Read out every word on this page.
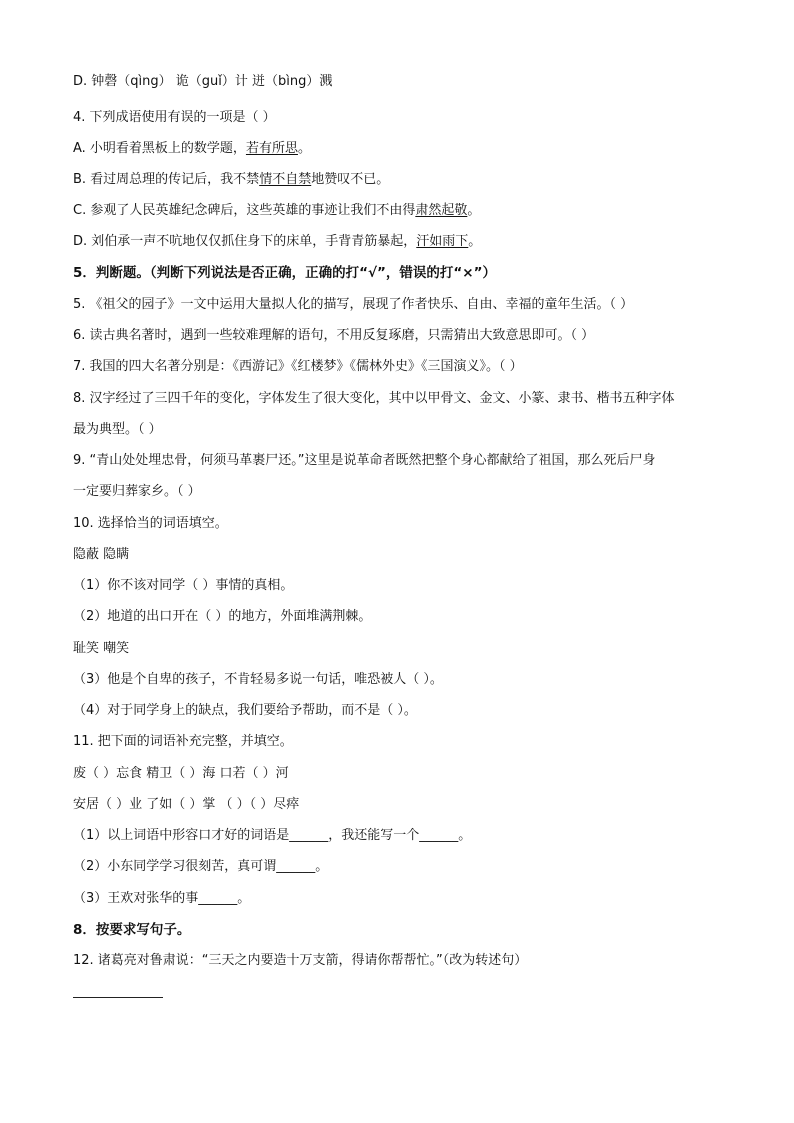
D. 钟磬（qìng） 诡（guǐ）计 迸（bìng）溅
4. 下列成语使用有误的一项是（ ）
A. 小明看着黑板上的数学题，若有所思。
B. 看过周总理的传记后，我不禁情不自禁地赞叹不已。
C. 参观了人民英雄纪念碑后，这些英雄的事迹让我们不由得肃然起敬。
D. 刘伯承一声不吭地仅仅抓住身下的床单，手背青筋暴起，汗如雨下。
5．判断题。（判断下列说法是否正确，正确的打“√”，错误的打“×”）
5. 《祖父的园子》一文中运用大量拟人化的描写，展现了作者快乐、自由、幸福的童年生活。（ ）
6. 读古典名著时，遇到一些较难理解的语句，不用反复琢磨，只需猜出大致意思即可。（ ）
7. 我国的四大名著分别是：《西游记》《红楼梦》《儒林外史》《三国演义》。（ ）
8. 汉字经过了三四千年的变化，字体发生了很大变化，其中以甲骨文、金文、小篆、隶书、楷书五种字体
最为典型。（ ）
9. “青山处处埋忠骨，何须马革裹尸还。”这里是说革命者既然把整个身心都献给了祖国，那么死后尸身
一定要归葬家乡。（ ）
10. 选择恰当的词语填空。
隐蔽 隐瞒
（1）你不该对同学（ ）事情的真相。
（2）地道的出口开在（ ）的地方，外面堆满荆棘。
耻笑 嘲笑
（3）他是个自卑的孩子，不肯轻易多说一句话，唯恐被人（ ）。
（4）对于同学身上的缺点，我们要给予帮助，而不是（ ）。
11. 把下面的词语补充完整，并填空。
废（ ）忘食 精卫（ ）海 口若（ ）河
安居（ ）业 了如（ ）掌 （ ）（ ）尽瘁
（1）以上词语中形容口才好的词语是______，我还能写一个______。
（2）小东同学学习很刻苦，真可谓______。
（3）王欢对张华的事______。
8．按要求写句子。
12. 诸葛亮对鲁肃说：“三天之内要造十万支箭，得请你帮帮忙。”（改为转述句）
